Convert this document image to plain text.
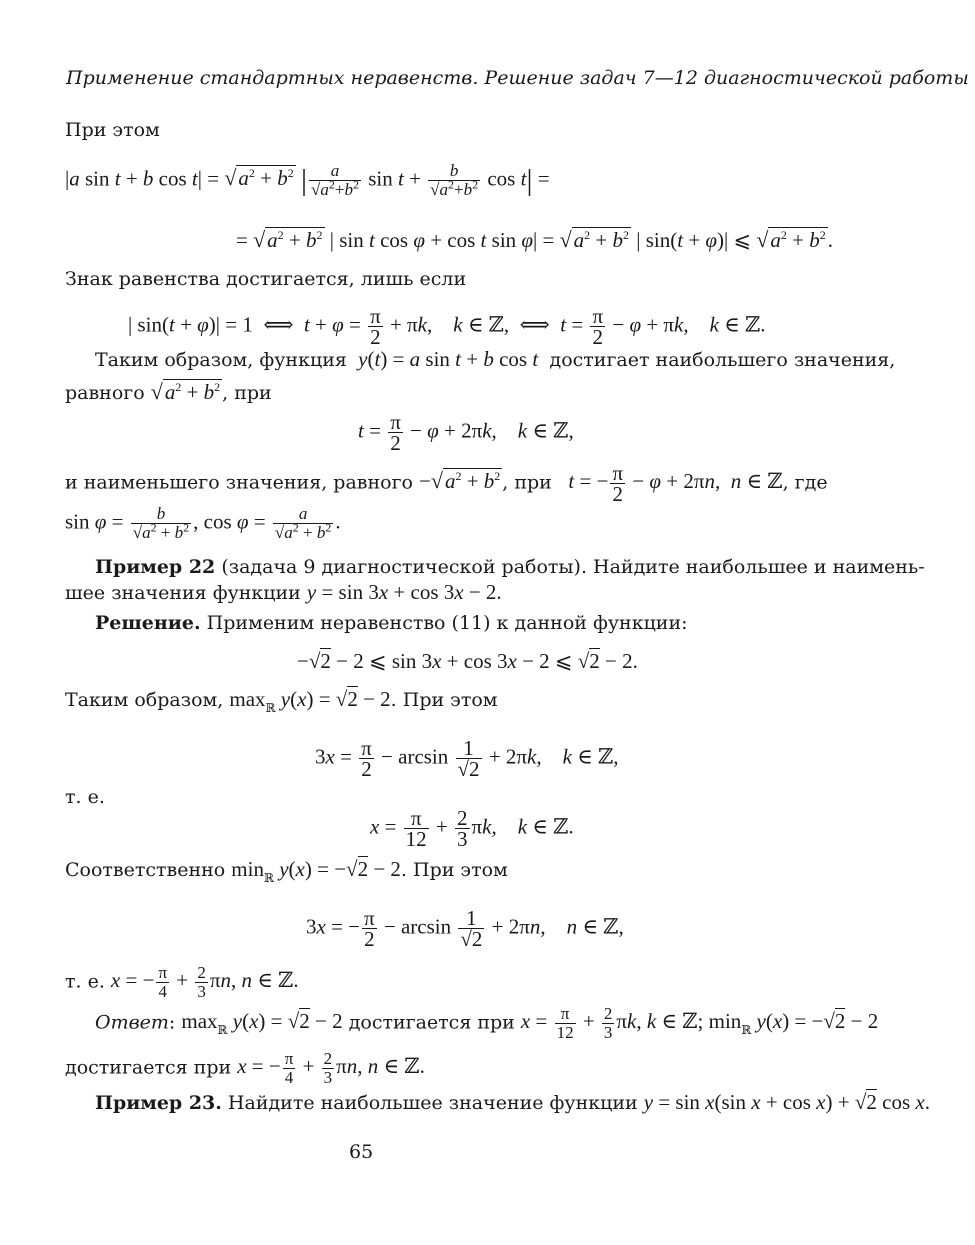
Применение стандартных неравенств. Решение задач 7—12 диагностической работы
При этом
|a sin t + b $\cos t| = √a^2 + b^2$ | $\frac{a}{√a^2+b^2}$ $\sin t + \frac{b}{√a^2+b^2}$ cos t| =
= $√a^2 + b^2$ | sin t cos φ + cos t $\sin \varphi| = √a^2 + b^2$ | sin(t + φ)| ⩽ $√a^2 + b^2$.
Знак равенства достигается, лишь если
| sin(t + φ)| = 1  ⟺  $t + \varphi = \frac{\pi}{2} + \pi k$,    k ∈ ℤ,  ⟺  $t = \frac{\pi}{2} - \varphi + \pi k$,    k ∈ ℤ.
Таким образом, функция y(t) = a sin t + b cos t достигает наибольшего значения,
равного $√a^2 + b^2$ , при
$t = \frac{\pi}{2} - \varphi + 2\pi k$,    k ∈ ℤ,
и наименьшего значения, равного $-√a^2 + b^2$ , при t = − $\frac{\pi}{2} - \varphi + 2\pi n$,  n ∈ ℤ, где
$\sin \varphi = \frac{b}{√a^2 + b^2}$ , $\cos \varphi = \frac{a}{√a^2 + b^2}$ .
Пример 22 (задача 9 диагностической работы). Найдите наибольшее и наимень-
шее значения функции y = sin 3x + cos 3x − 2.
Решение. Применим неравенство (11) к данной функции:
−√2 − 2 ⩽ sin 3x + cos 3x − 2 ⩽ √2 − 2.
Таким образом, $\max_ℝ y(x) = √2 - 2$. При этом
$3x = \frac{\pi}{2} - \arcsin \frac{1}{√2} + 2\pi k$,    k ∈ ℤ,
т. е.
$x = \frac{\pi}{12} + \frac{2}{3} \pi k$,    k ∈ ℤ.
Соответственно $\min_ℝ y(x) = -√2 - 2$. При этом
3x = − $\frac{\pi}{2} - \arcsin \frac{1}{√2} + 2\pi n$,    n ∈ ℤ,
т. е. x = − $\frac{\pi}{4} + \frac{2}{3} \pi n$, n ∈ ℤ.
Ответ: $\max_ℝ y(x) = √2 - 2$ достигается при $x = \frac{\pi}{12} + \frac{2}{3} \pi k$, k ∈ ℤ; $\min_ℝ y(x) = -√2 - 2$
достигается при x = − $\frac{\pi}{4} + \frac{2}{3} \pi n$, n ∈ ℤ.
Пример 23. Найдите наибольшее значение функции y = sin x(sin x + cos x) + √2 cos x.
65
